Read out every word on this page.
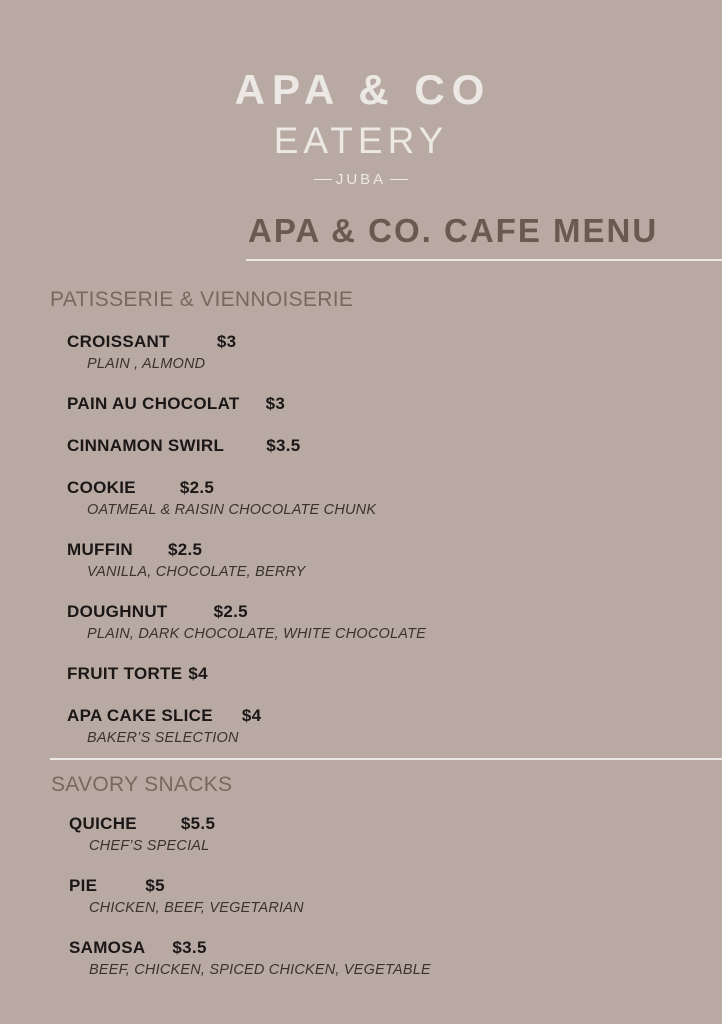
APA & CO
EATERY
JUBA
APA & CO. CAFE MENU
PATISSERIE & VIENNOISERIE
CROISSANT	$3
PLAIN , ALMOND
PAIN AU CHOCOLAT $3
CINNAMON SWIRL $3.5
COOKIE	$2.5
OATMEAL & RAISIN CHOCOLATE CHUNK
MUFFIN $2.5
VANILLA, CHOCOLATE, BERRY
DOUGHNUT	$2.5
PLAIN, DARK CHOCOLATE, WHITE CHOCOLATE
FRUIT TORTE $4
APA CAKE SLICE $4
BAKER’S SELECTION
SAVORY SNACKS
QUICHE	$5.5
CHEF’S SPECIAL
PIE	$5
CHICKEN, BEEF, VEGETARIAN
SAMOSA $3.5
BEEF, CHICKEN, SPICED CHICKEN, VEGETABLE
